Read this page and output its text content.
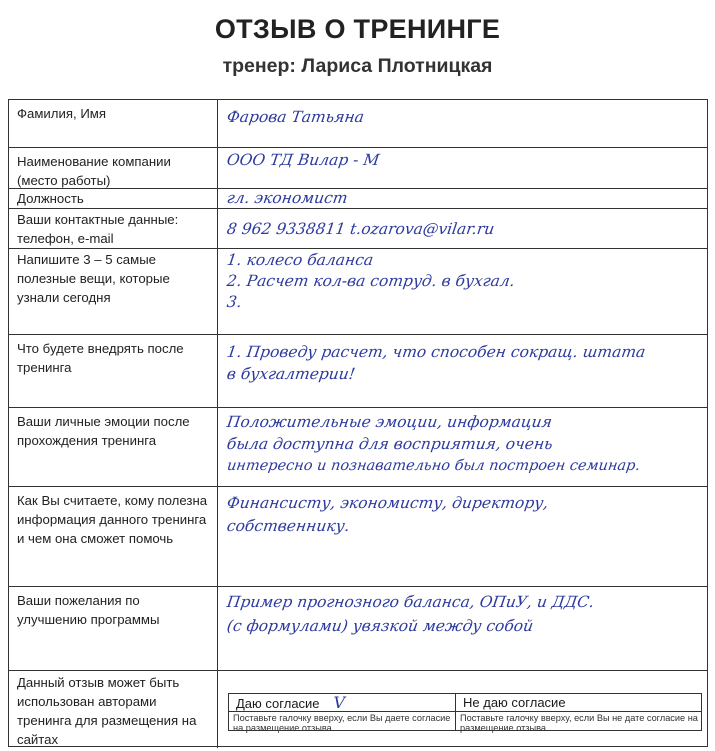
ОТЗЫВ О ТРЕНИНГЕ
тренер: Лариса Плотницкая
Фамилия, Имя	Фарова Татьяна
Наименование компании (место работы)
ООО ТД Вилар - М
Должность	гл. экономист
Ваши контактные данные: телефон, e-mail
8 962 9338811 t.ozarova@vilar.ru
Напишите 3 – 5 самые полезные вещи, которые узнали сегодня
1. колесо баланса
2. Расчет кол-ва сотруд. в бухгал.
3.
Что будете внедрять после тренинга
1. Проведу расчет, что способен сокращ. штата
в бухгалтерии!
Ваши личные эмоции после прохождения тренинга
Положительные эмоции, информация
была доступна для восприятия, очень
интересно и познавательно был построен семинар.
Как Вы считаете, кому полезна информация данного тренинга и чем она сможет помочь
Финансисту, экономисту, директору,
собственнику.
Ваши пожелания по улучшению программы
Пример прогнозного баланса, ОПиУ, и ДДС.
(с формулами) увязкой между собой
Данный отзыв может быть использован авторами тренинга для размещения на сайтах
Даю согласие V
Поставьте галочку вверху, если Вы даете согласие на размещение отзыва
Не даю согласие
Поставьте галочку вверху, если Вы не дате согласие на размещение отзыва
